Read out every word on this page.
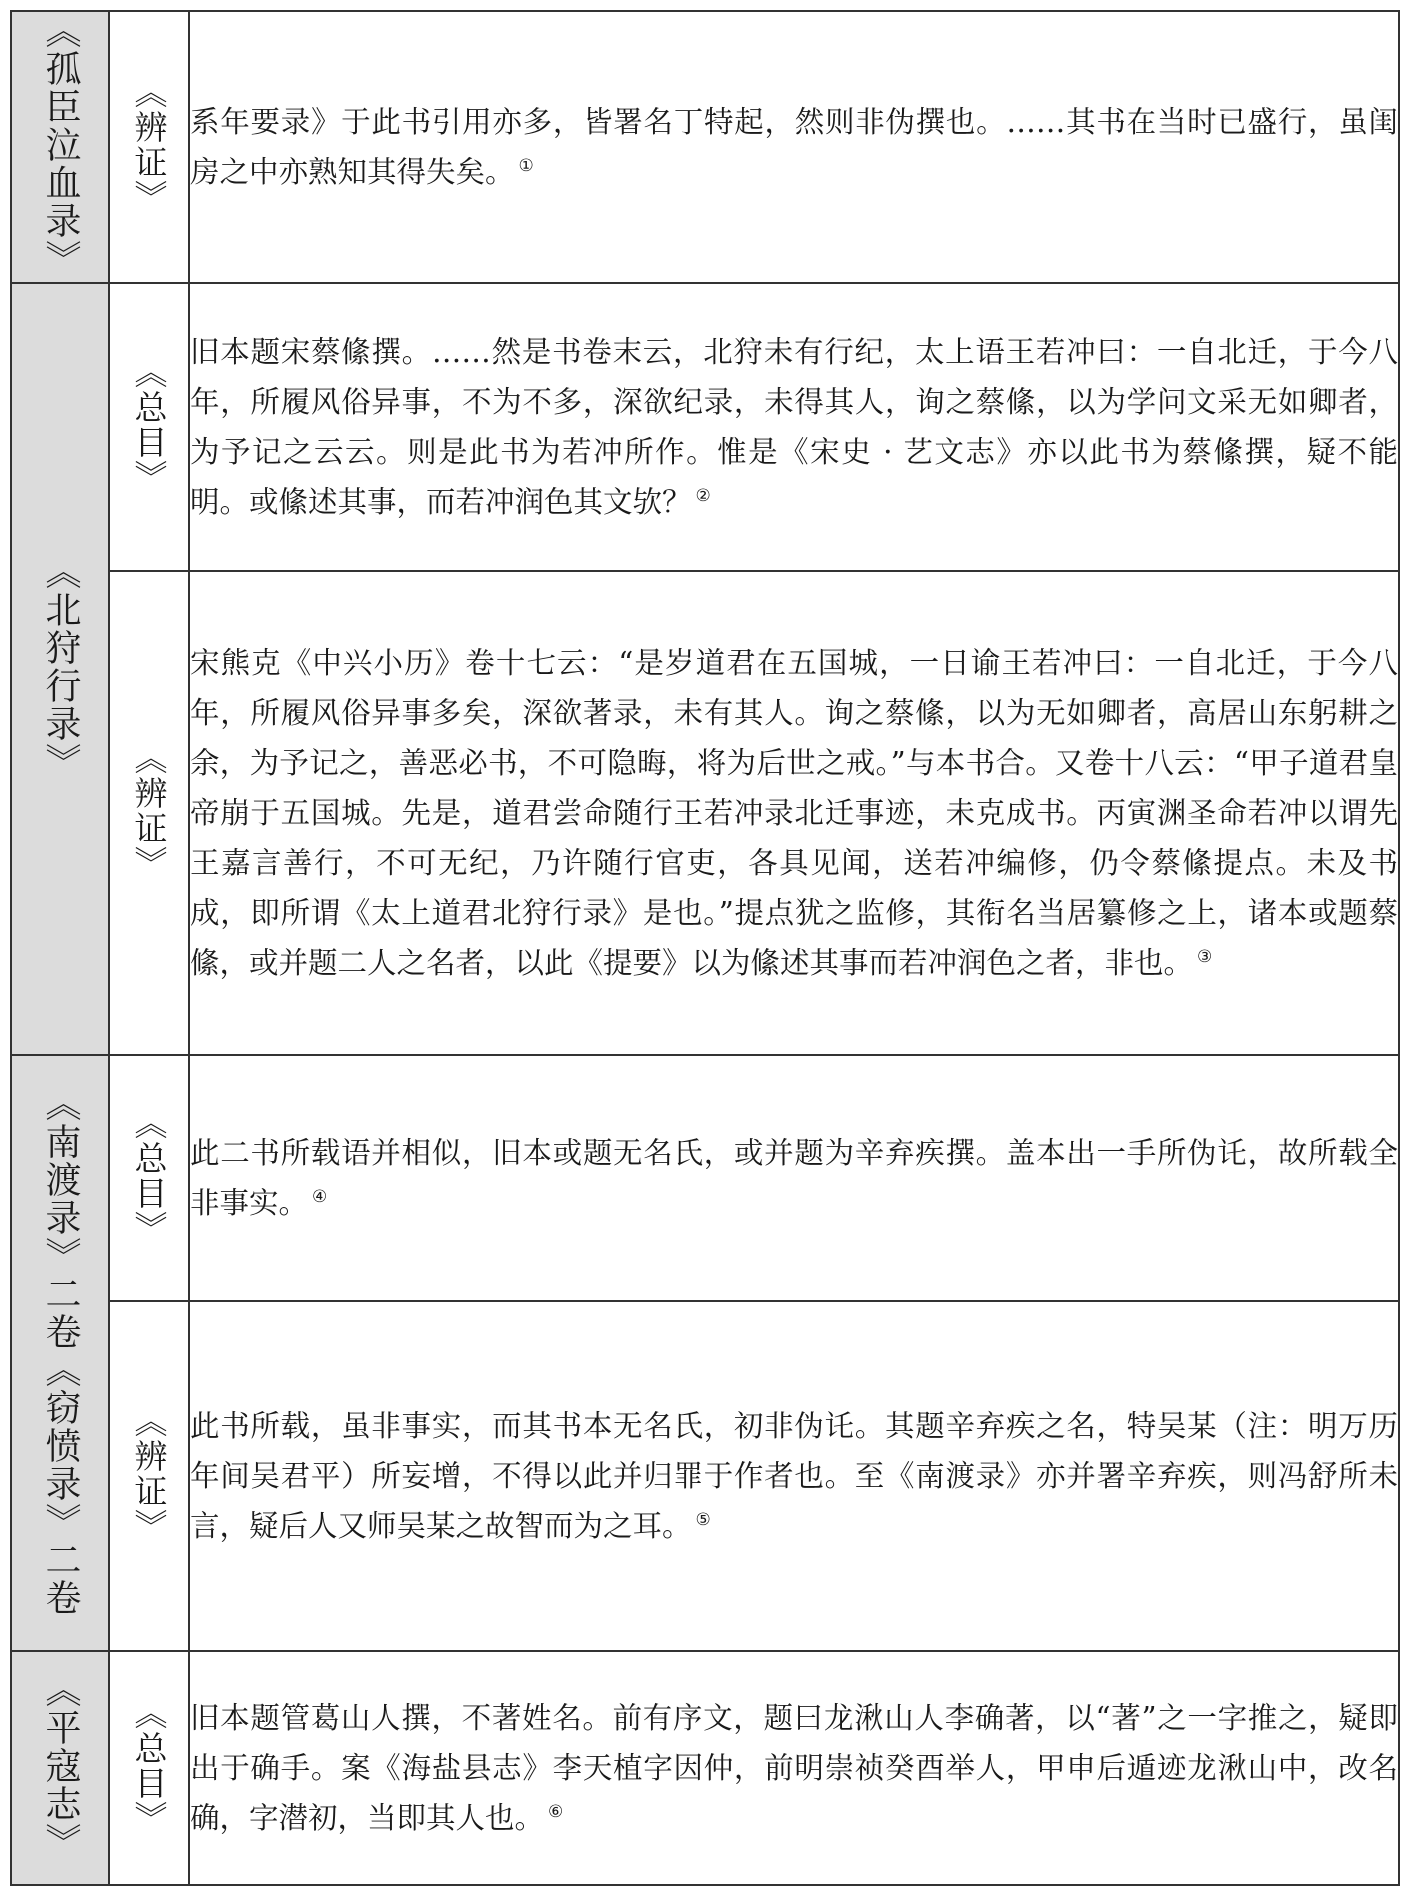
《孤臣泣血录》	《辨证》	系年要录》于此书引用亦多，皆署名丁特起，然则非伪撰也。……其书在当时已盛行，虽闺房之中亦熟知其得失矣。 ①
《北狩行录》	《总目》	旧本题宋蔡絛撰。……然是书卷末云，北狩未有行纪，太上语王若冲曰：一自北迁，于今八年，所履风俗异事，不为不多，深欲纪录，未得其人，询之蔡絛，以为学问文采无如卿者，为予记之云云。则是此书为若冲所作。惟是《宋史 · 艺文志》亦以此书为蔡絛撰，疑不能明。或絛述其事，而若冲润色其文欤？ ②
	《辨证》	宋熊克《中兴小历》卷十七云：“是岁道君在五国城，一日谕王若冲曰：一自北迁，于今八年，所履风俗异事多矣，深欲著录，未有其人。询之蔡絛，以为无如卿者，高居山东躬耕之余，为予记之，善恶必书，不可隐晦，将为后世之戒。”与本书合。又卷十八云：“甲子道君皇帝崩于五国城。先是，道君尝命随行王若冲录北迁事迹，未克成书。丙寅渊圣命若冲以谓先王嘉言善行，不可无纪，乃许随行官吏，各具见闻，送若冲编修，仍令蔡絛提点。未及书成，即所谓《太上道君北狩行录》是也。”提点犹之监修，其衔名当居纂修之上，诸本或题蔡絛，或并题二人之名者，以此《提要》以为絛述其事而若冲润色之者，非也。 ③
《南渡录》二卷《窃愤录》二卷	《总目》	此二书所载语并相似，旧本或题无名氏，或并题为辛弃疾撰。盖本出一手所伪讬，故所载全非事实。 ④
	《辨证》	此书所载，虽非事实，而其书本无名氏，初非伪讬。其题辛弃疾之名，特吴某（注：明万历年间吴君平）所妄增，不得以此并归罪于作者也。至《南渡录》亦并署辛弃疾，则冯舒所未言，疑后人又师吴某之故智而为之耳。 ⑤
《平寇志》	《总目》	旧本题管葛山人撰，不著姓名。前有序文，题曰龙湫山人李确著，以“著”之一字推之，疑即出于确手。案《海盐县志》李天植字因仲，前明崇祯癸酉举人，甲申后遁迹龙湫山中，改名确，字潜初，当即其人也。 ⑥
